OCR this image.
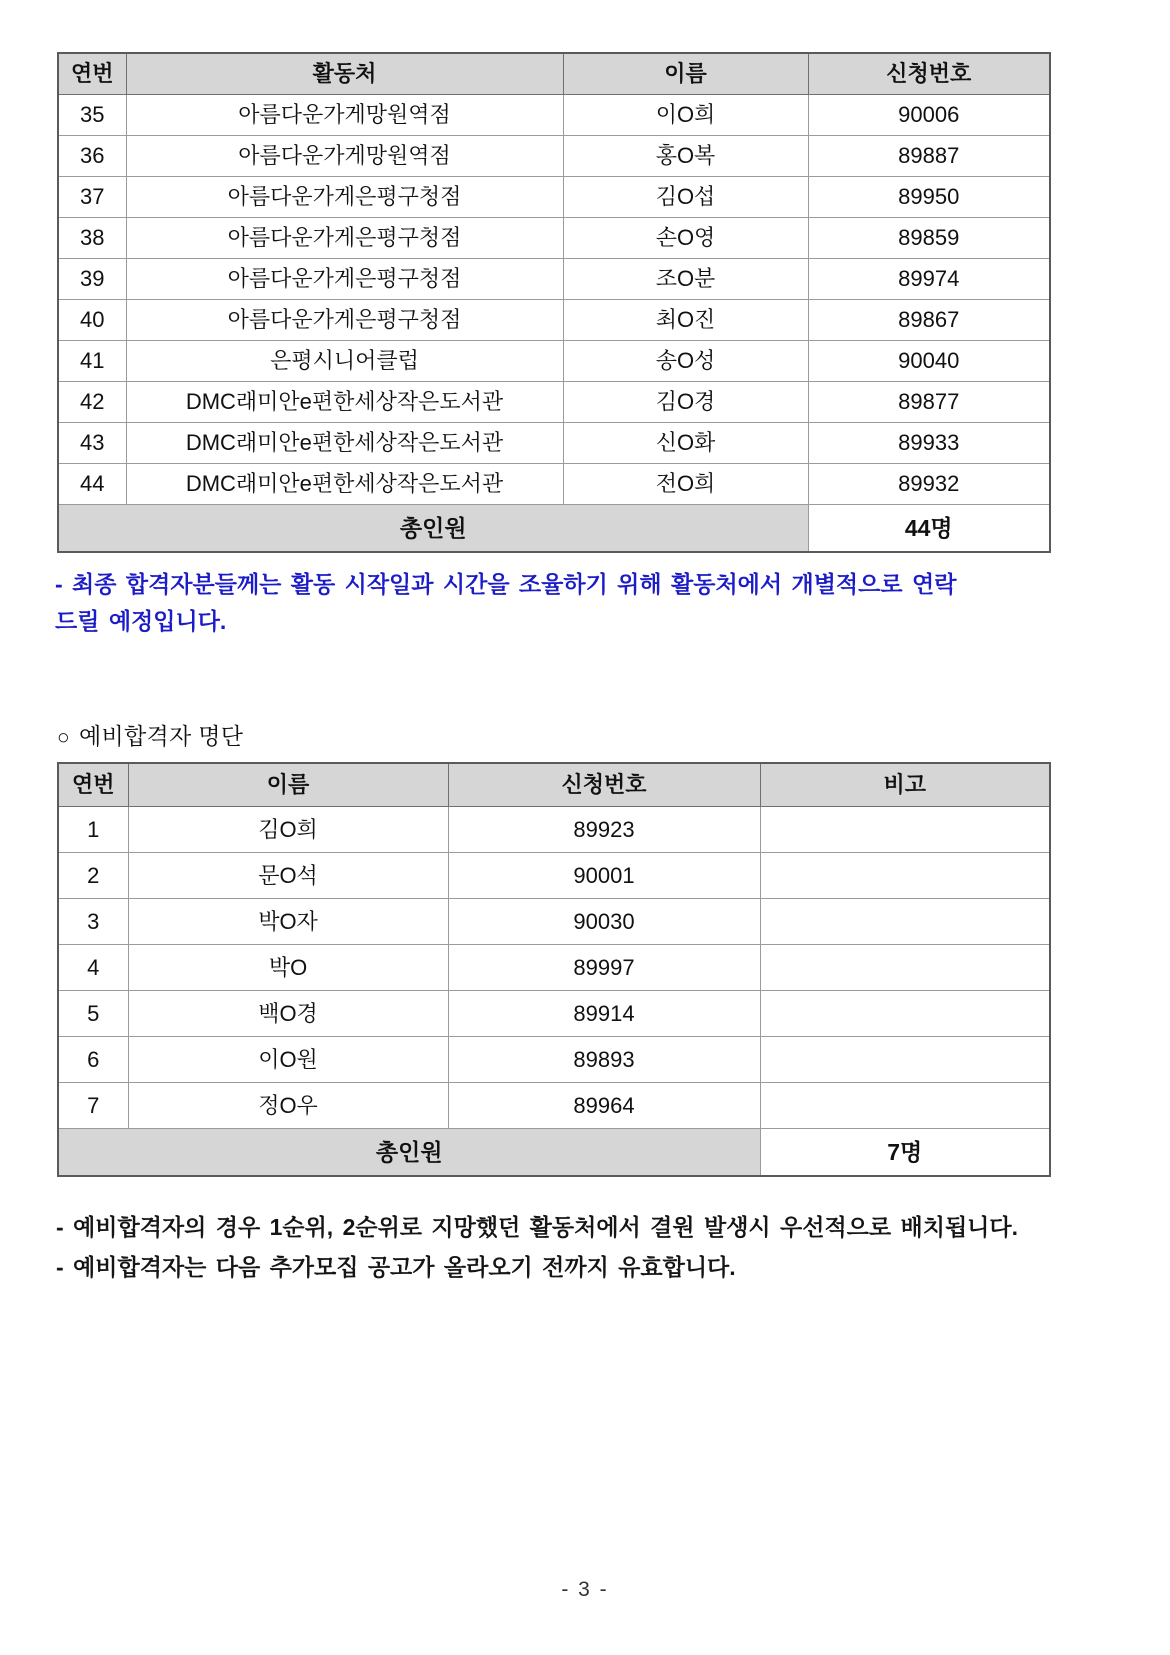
연번	활동처	이름	신청번호
35	아름다운가게망원역점	이O희	90006
36	아름다운가게망원역점	홍O복	89887
37	아름다운가게은평구청점	김O섭	89950
38	아름다운가게은평구청점	손O영	89859
39	아름다운가게은평구청점	조O분	89974
40	아름다운가게은평구청점	최O진	89867
41	은평시니어클럽	송O성	90040
42	DMC래미안e편한세상작은도서관	김O경	89877
43	DMC래미안e편한세상작은도서관	신O화	89933
44	DMC래미안e편한세상작은도서관	전O희	89932
총인원			44명
- 최종 합격자분들께는 활동 시작일과 시간을 조율하기 위해 활동처에서 개별적으로 연락
드릴 예정입니다.
○ 예비합격자 명단
연번	이름	신청번호	비고
1	김O희	89923	
2	문O석	90001	
3	박O자	90030	
4	박O	89997	
5	백O경	89914	
6	이O원	89893	
7	정O우	89964	
총인원			7명
- 예비합격자의 경우 1순위, 2순위로 지망했던 활동처에서 결원 발생시 우선적으로 배치됩니다.
- 예비합격자는 다음 추가모집 공고가 올라오기 전까지 유효합니다.
- 3 -
